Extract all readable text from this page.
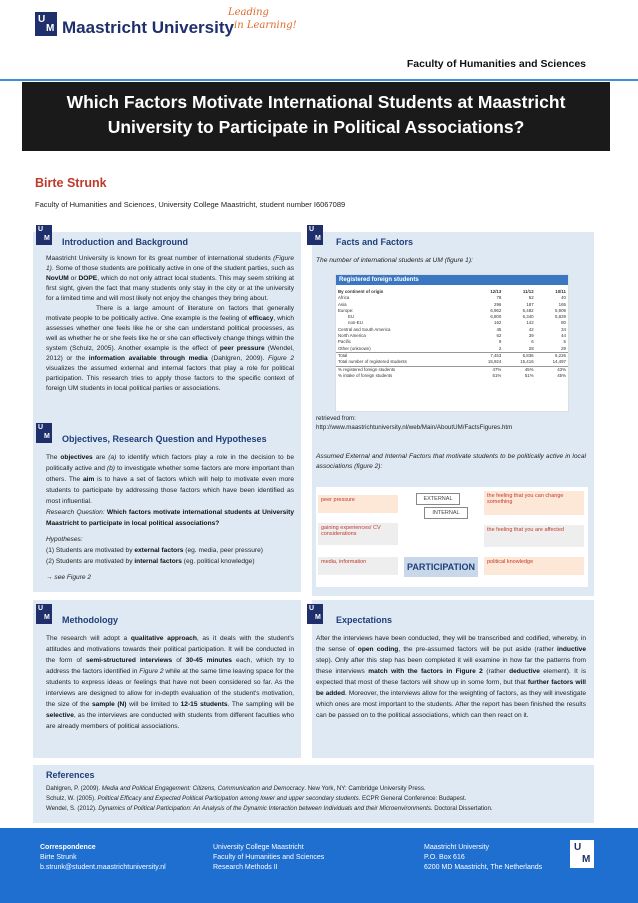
U
M Maastricht University
Leading
in Learning!
Faculty of Humanities and Sciences
Which Factors Motivate International Students at Maastricht
University to Participate in Political Associations?
Birte Strunk
Faculty of Humanities and Sciences, University College Maastricht, student number I6067089
U
M
U
M
U
M
U
M
U
M
Introduction and Background

Maastricht University is known for its great number of international students (Figure 1). Some of those students are politically active in one of the student parties, such as NovUM or DOPE, which do not only attract local students. This may seem striking at first sight, given the fact that many students only stay in the city or at the university for a limited time and will most likely not enjoy the changes they bring about.

There is a large amount of literature on factors that generally motivate people to be politically active. One example is the feeling of efficacy, which assesses whether one feels like he or she can understand political processes, as well as whether he or she feels like he or she can effectively change things within the system (Schulz, 2005). Another example is the effect of peer pressure (Wendel, 2012) or the information available through media (Dahlgren, 2009). Figure 2 visualizes the assumed external and internal factors that play a role for political participation. This research tries to apply those factors to the specific context of foreign UM students in local political parties or associations.

Objectives, Research Question and Hypotheses

The objectives are (a) to identify which factors play a role in the decision to be politically active and (b) to investigate whether some factors are more important than others. The aim is to have a set of factors which will help to motivate even more students to participate by addressing those factors which have been identified as most influential.

Research Question: Which factors motivate international students at University Maastricht to participate in local political associations?

Hypotheses:

(1) Students are motivated by external factors (eg. media, peer pressure)

(2) Students are motivated by internal factors (eg. political knowledge)

→ see Figure 2

Methodology

The research will adopt a qualitative approach, as it deals with the student's attitudes and motivations towards their political participation. It will be conducted in the form of semi-structured interviews of 30-45 minutes each, which try to address the factors identified in Figure 2 while at the same time leaving space for the students to express ideas or feelings that have not been considered so far. As the interviews are designed to allow for in-depth evaluation of the student's motivation, the size of the sample (N) will be limited to 12-15 students. The sampling will be selective, as the interviews are conducted with students from different faculties who are already members of political associations.

Facts and Factors
The number of international students at UM (figure 1):
Registered foreign students
By continent of origin	12/13	11/12	10/11
Africa	78	52	40
Asia	296	187	165
Europe:	6,962	6,482	5,909
EU	6,800	6,340	5,829
non-EU	162	142	80
Central and South America	45	42	34
North America	62	39	44
Pacific	9	6	5
Other (unknown)	2	28	29
Total	7,453	6,836	6,226
Total number of registered students	15,924	15,416	14,497
% registered foreign students	47%	45%	43%
% intake of foreign students	51%	51%	45%
retrieved from:
http://www.maastrichtuniversity.nl/web/Main/AboutUM/FactsFigures.htm
Assumed External and Internal Factors that motivate students to be politically active in local associations (figure 2):
peer pressure	EXTERNAL
INTERNAL
the feeling that you can change something
gaining experiences/ CV considerations
the feeling that you are affected
media, information	PARTICIPATION	political knowledge
Expectations

After the interviews have been conducted, they will be transcribed and codified, whereby, in the sense of open coding, the pre-assumed factors will be put aside (rather inductive step). Only after this step has been completed it will examine in how far the patterns from these interviews match with the factors in Figure 2 (rather deductive element). It is expected that most of these factors will show up in some form, but that further factors will be added. Moreover, the interviews allow for the weighting of factors, as they will investigate which ones are most important to the students. After the report has been finished the results can be passed on to the political associations, which can then react on it.

References
Dahlgren, P. (2009). Media and Political Engagement: Citizens, Communication and Democracy. New York, NY: Cambridge University Press.
Schulz, W. (2005). Political Efficacy and Expected Political Participation among lower and upper secondary students. ECPR General Conference: Budapest.
Wendel, S. (2012). Dynamics of Political Participation: An Analysis of the Dynamic Interaction between Individuals and their Microenvironments. Doctoral Dissertation.
Correspondence
Birte Strunk
b.strunk@student.maastrichtuniversity.nl
University College Maastricht
Faculty of Humanities and Sciences
Research Methods II
Maastricht University
P.O. Box 616
6200 MD Maastricht, The Netherlands
U
M
